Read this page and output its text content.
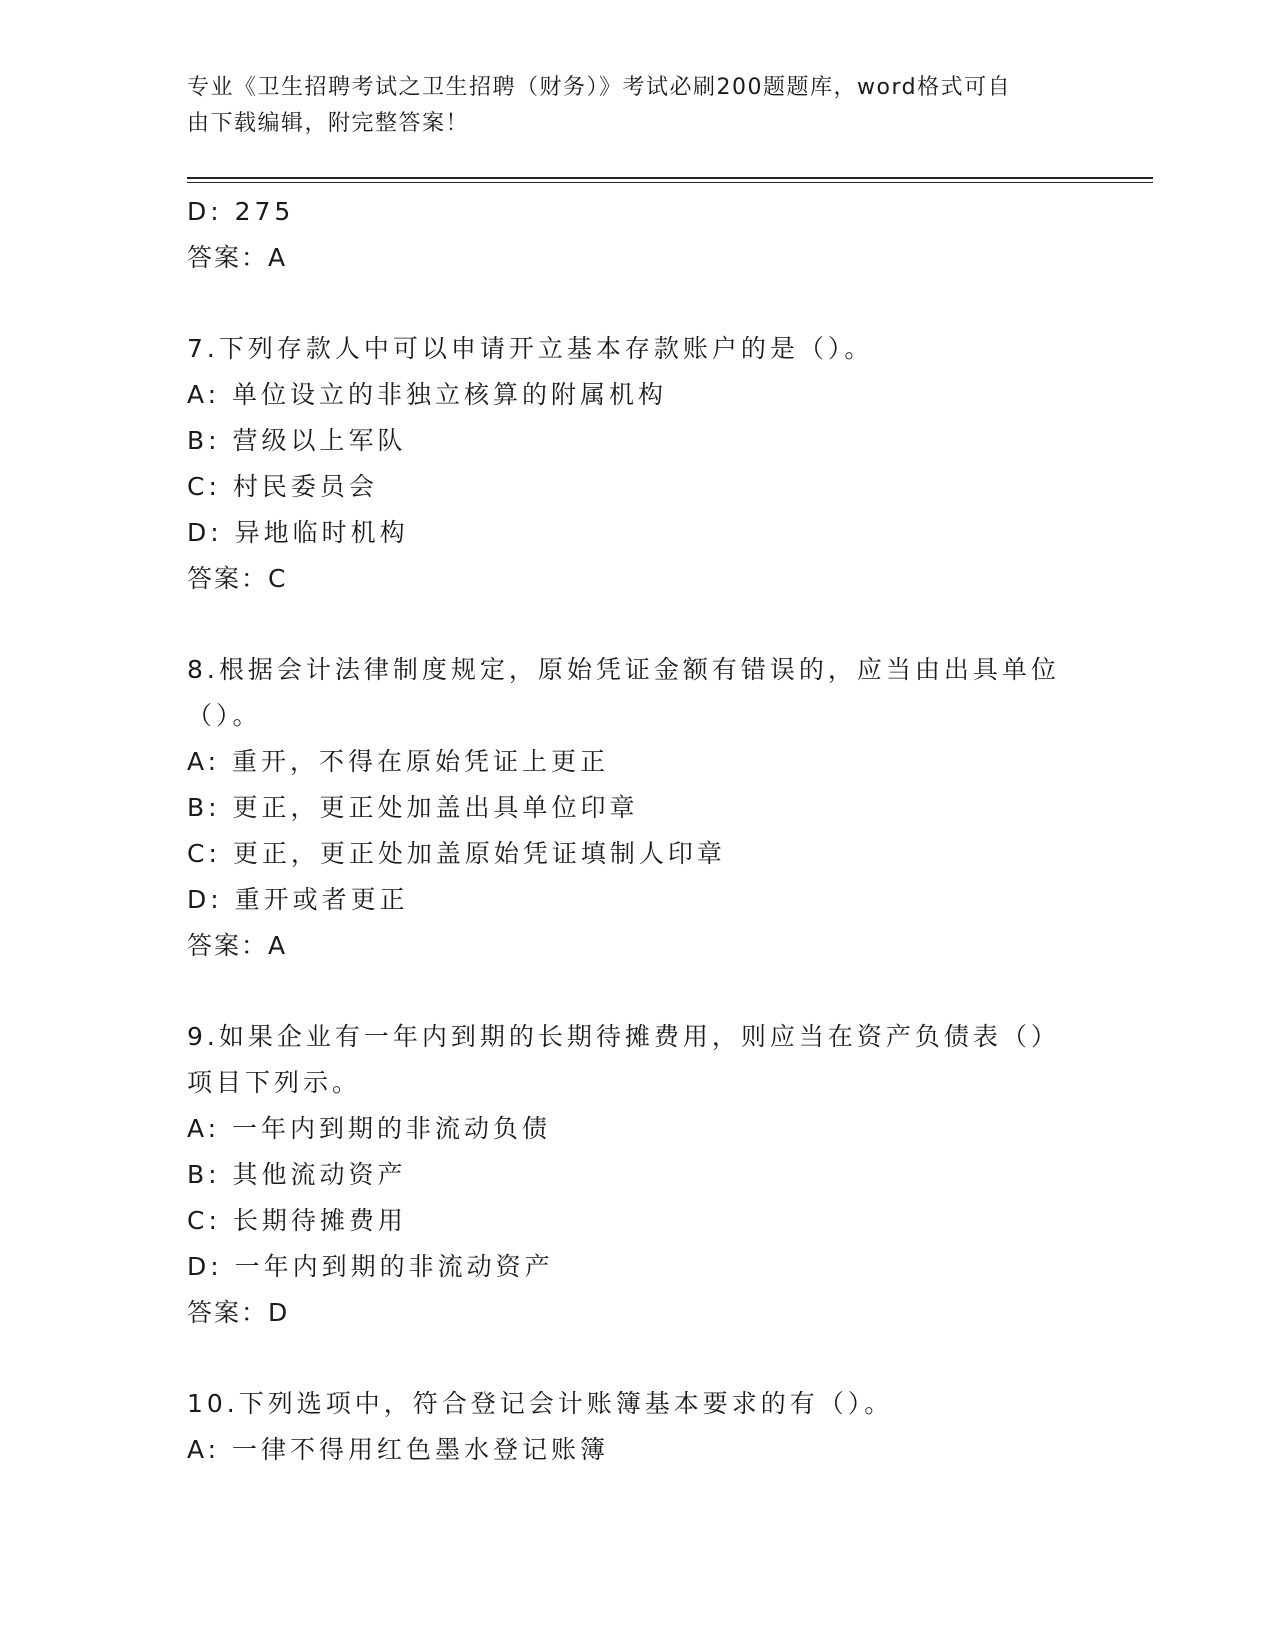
专业《卫生招聘考试之卫生招聘（财务）》考试必刷200题题库，word格式可自
由下载编辑，附完整答案！
D: 275
答案：A
7.下列存款人中可以申请开立基本存款账户的是（）。
A: 单位设立的非独立核算的附属机构
B: 营级以上军队
C: 村民委员会
D: 异地临时机构
答案：C
8.根据会计法律制度规定，原始凭证金额有错误的，应当由出具单位
（）。
A: 重开，不得在原始凭证上更正
B: 更正，更正处加盖出具单位印章
C: 更正，更正处加盖原始凭证填制人印章
D: 重开或者更正
答案：A
9.如果企业有一年内到期的长期待摊费用，则应当在资产负债表（）
项目下列示。
A: 一年内到期的非流动负债
B: 其他流动资产
C: 长期待摊费用
D: 一年内到期的非流动资产
答案：D
10.下列选项中，符合登记会计账簿基本要求的有（）。
A: 一律不得用红色墨水登记账簿
